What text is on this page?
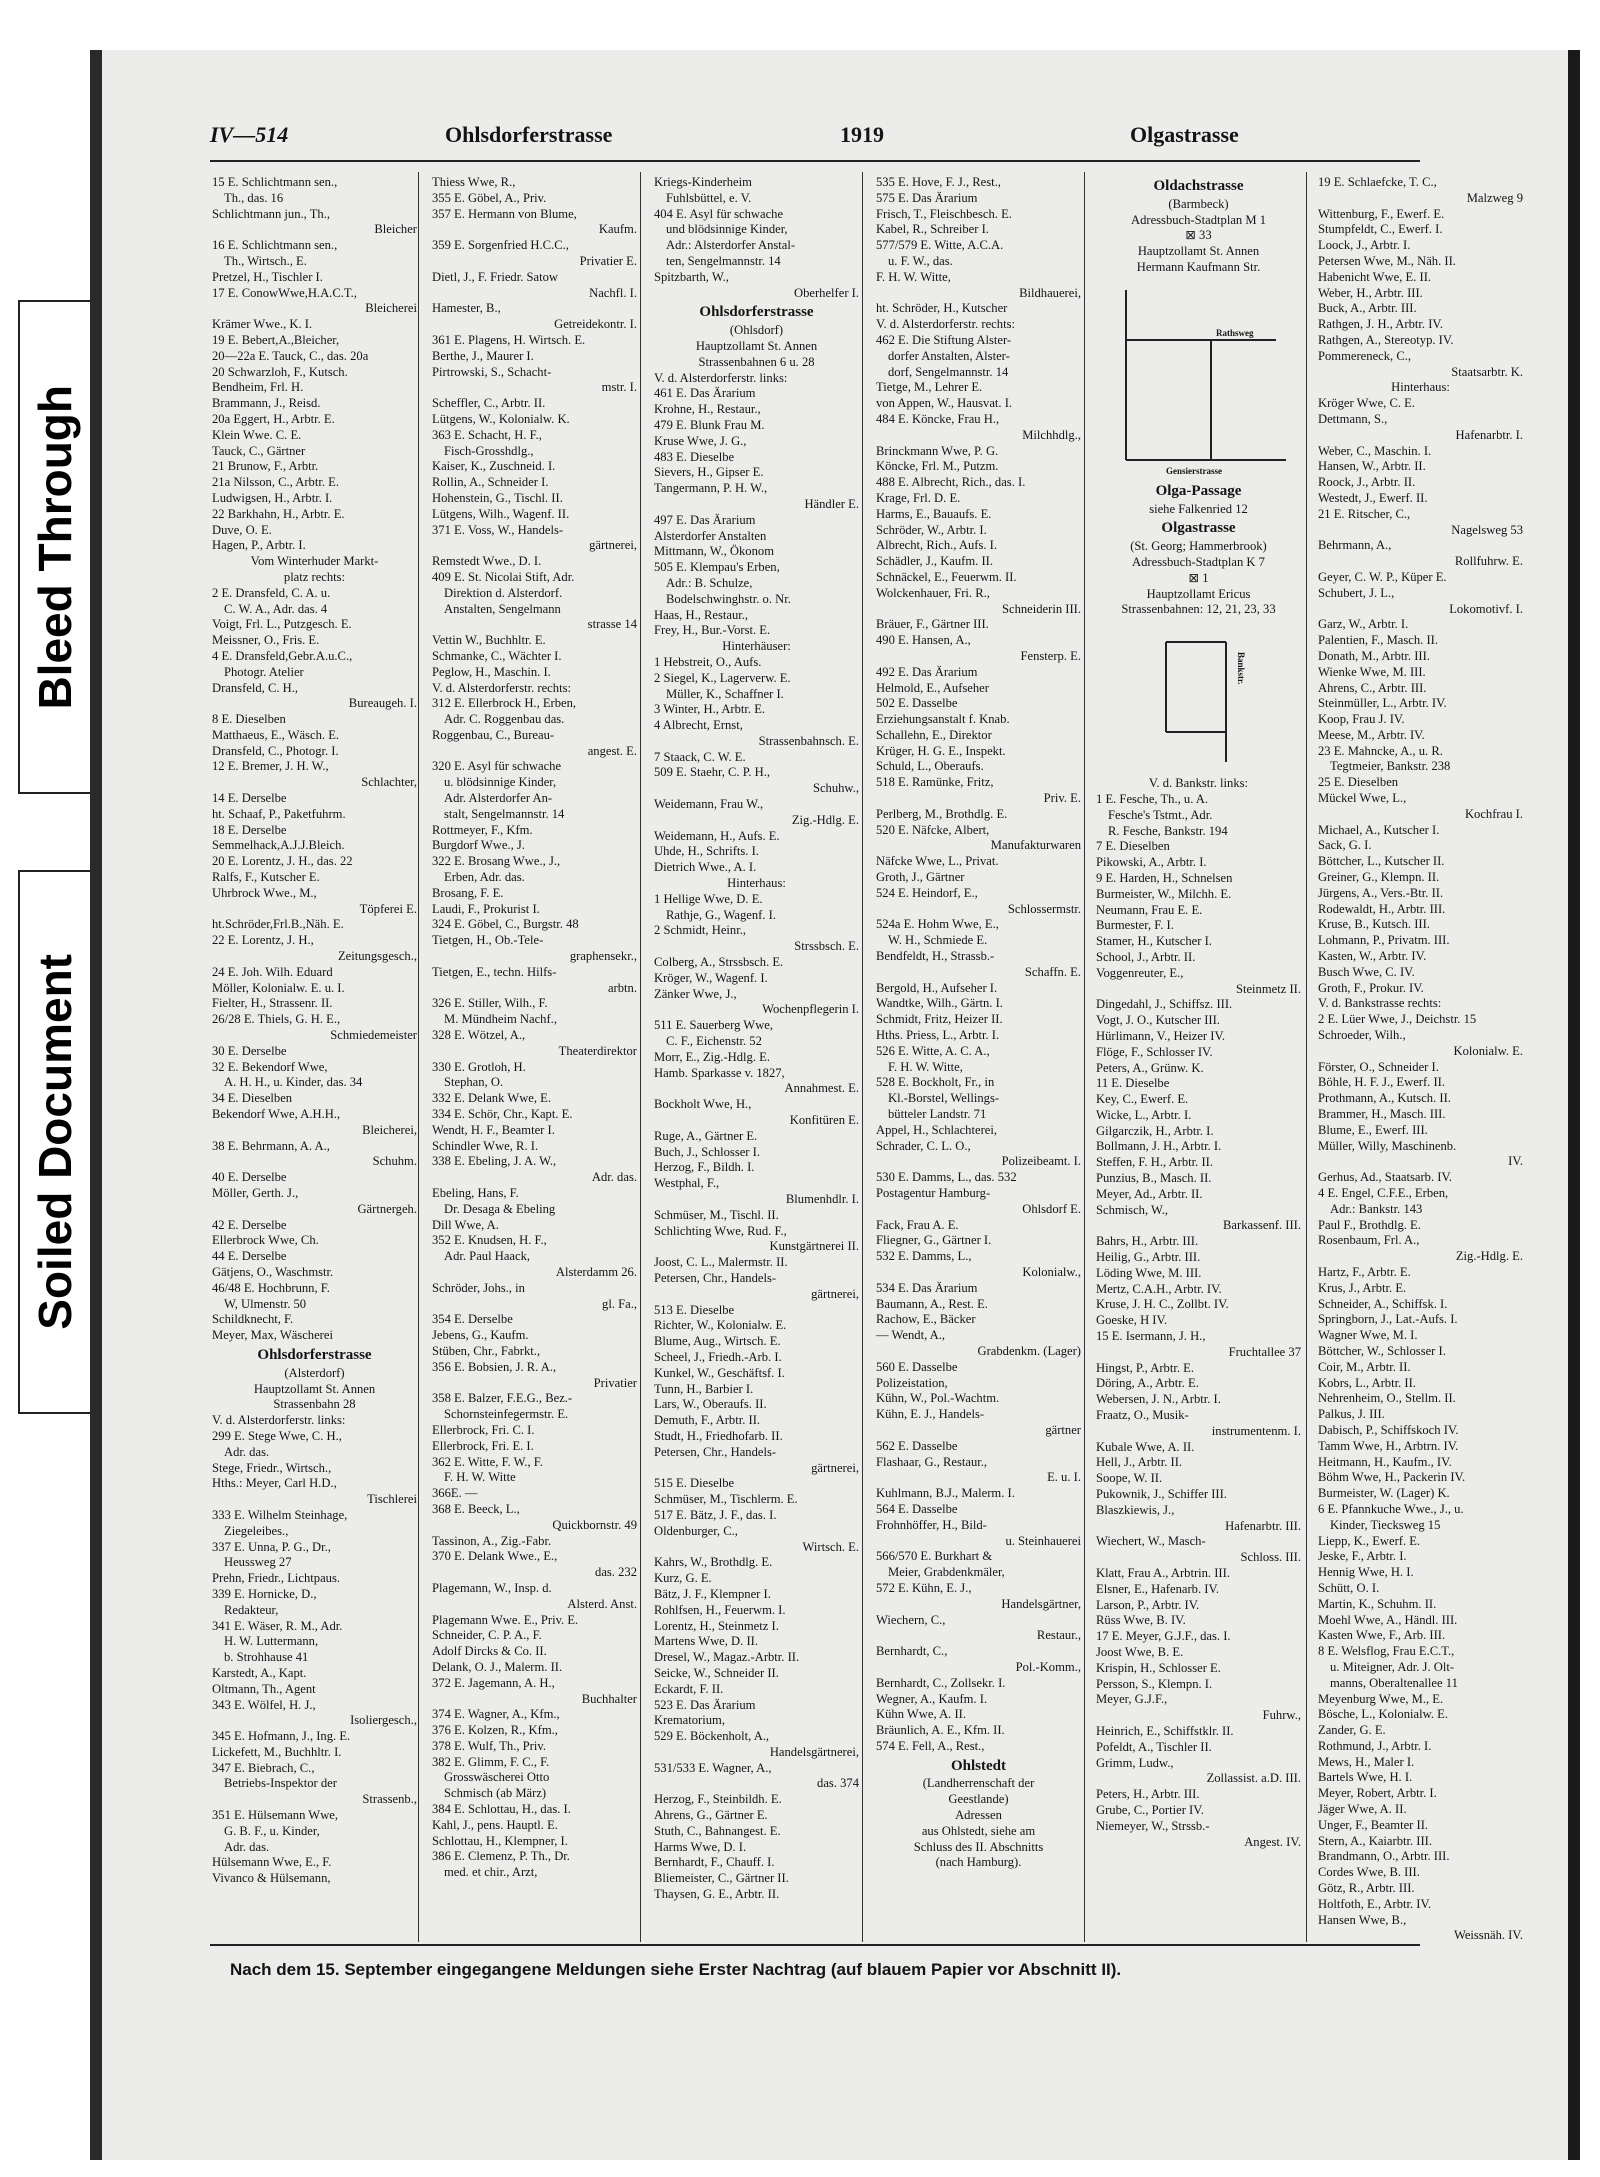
Bleed Through
Soiled Document
IV—514	Ohlsdorferstrasse	1919	Olgastrasse
15 E. Schlichtmann sen.,
Th., das. 16
Schlichtmann jun., Th.,
Bleicher
16 E. Schlichtmann sen.,
Th., Wirtsch., E.
Pretzel, H., Tischler I.
17 E. ConowWwe,H.A.C.T.,
Bleicherei
Krämer Wwe., K. I.
19 E. Bebert,A.,Bleicher,
20—22a E. Tauck, C., das. 20a
20 Schwarzloh, F., Kutsch.
Bendheim, Frl. H.
Brammann, J., Reisd.
20a Eggert, H., Arbtr. E.
Klein Wwe. C. E.
Tauck, C., Gärtner
21 Brunow, F., Arbtr.
21a Nilsson, C., Arbtr. E.
Ludwigsen, H., Arbtr. I.
22 Barkhahn, H., Arbtr. E.
Duve, O. E.
Hagen, P., Arbtr. I.
Vom Winterhuder Markt-
platz rechts:
2 E. Dransfeld, C. A. u.
C. W. A., Adr. das. 4
Voigt, Frl. L., Putzgesch. E.
Meissner, O., Fris. E.
4 E. Dransfeld,Gebr.A.u.C.,
Photogr. Atelier
Dransfeld, C. H.,
Bureaugeh. I.
8 E. Dieselben
Matthaeus, E., Wäsch. E.
Dransfeld, C., Photogr. I.
12 E. Bremer, J. H. W.,
Schlachter,
14 E. Derselbe
ht. Schaaf, P., Paketfuhrm.
18 E. Derselbe
Semmelhack,A.J.J.Bleich.
20 E. Lorentz, J. H., das. 22
Ralfs, F., Kutscher E.
Uhrbrock Wwe., M.,
Töpferei E.
ht.Schröder,Frl.B.,Näh. E.
22 E. Lorentz, J. H.,
Zeitungsgesch.,
24 E. Joh. Wilh. Eduard
Möller, Kolonialw. E. u. I.
Fielter, H., Strassenr. II.
26/28 E. Thiels, G. H. E.,
Schmiedemeister
30 E. Derselbe
32 E. Bekendorf Wwe,
A. H. H., u. Kinder, das. 34
34 E. Dieselben
Bekendorf Wwe, A.H.H.,
Bleicherei,
38 E. Behrmann, A. A.,
Schuhm.
40 E. Derselbe
Möller, Gerth. J.,
Gärtnergeh.
42 E. Derselbe
Ellerbrock Wwe, Ch.
44 E. Derselbe
Gätjens, O., Waschmstr.
46/48 E. Hochbrunn, F.
W, Ulmenstr. 50
Schildknecht, F.
Meyer, Max, Wäscherei
Ohlsdorferstrasse
(Alsterdorf)
Hauptzollamt St. Annen
Strassenbahn 28
V. d. Alsterdorferstr. links:
299 E. Stege Wwe, C. H.,
Adr. das.
Stege, Friedr., Wirtsch.,
Hths.: Meyer, Carl H.D.,
Tischlerei
333 E. Wilhelm Steinhage,
Ziegeleibes.,
337 E. Unna, P. G., Dr.,
Heussweg 27
Prehn, Friedr., Lichtpaus.
339 E. Hornicke, D.,
Redakteur,
341 E. Wäser, R. M., Adr.
H. W. Luttermann,
b. Strohhause 41
Karstedt, A., Kapt.
Oltmann, Th., Agent
343 E. Wölfel, H. J.,
Isoliergesch.,
345 E. Hofmann, J., Ing. E.
Lickefett, M., Buchhltr. I.
347 E. Biebrach, C.,
Betriebs-Inspektor der
Strassenb.,
351 E. Hülsemann Wwe,
G. B. F., u. Kinder,
Adr. das.
Hülsemann Wwe, E., F.
Vivanco & Hülsemann,
Thiess Wwe, R.,
355 E. Göbel, A., Priv.
357 E. Hermann von Blume,
Kaufm.
359 E. Sorgenfried H.C.C.,
Privatier E.
Dietl, J., F. Friedr. Satow
Nachfl. I.
Hamester, B.,
Getreidekontr. I.
361 E. Plagens, H. Wirtsch. E.
Berthe, J., Maurer I.
Pirtrowski, S., Schacht-
mstr. I.
Scheffler, C., Arbtr. II.
Lütgens, W., Kolonialw. K.
363 E. Schacht, H. F.,
Fisch-Grosshdlg.,
Kaiser, K., Zuschneid. I.
Rollin, A., Schneider I.
Hohenstein, G., Tischl. II.
Lütgens, Wilh., Wagenf. II.
371 E. Voss, W., Handels-
gärtnerei,
Remstedt Wwe., D. I.
409 E. St. Nicolai Stift, Adr.
Direktion d. Alsterdorf.
Anstalten, Sengelmann
strasse 14
Vettin W., Buchhltr. E.
Schmanke, C., Wächter I.
Peglow, H., Maschin. I.
V. d. Alsterdorferstr. rechts:
312 E. Ellerbrock H., Erben,
Adr. C. Roggenbau das.
Roggenbau, C., Bureau-
angest. E.
320 E. Asyl für schwache
u. blödsinnige Kinder,
Adr. Alsterdorfer An-
stalt, Sengelmannstr. 14
Rottmeyer, F., Kfm.
Burgdorf Wwe., J.
322 E. Brosang Wwe., J.,
Erben, Adr. das.
Brosang, F. E.
Laudi, F., Prokurist I.
324 E. Göbel, C., Burgstr. 48
Tietgen, H., Ob.-Tele-
graphensekr.,
Tietgen, E., techn. Hilfs-
arbtn.
326 E. Stiller, Wilh., F.
M. Mündheim Nachf.,
328 E. Wötzel, A.,
Theaterdirektor
330 E. Grotloh, H.
Stephan, O.
332 E. Delank Wwe, E.
334 E. Schör, Chr., Kapt. E.
Wendt, H. F., Beamter I.
Schindler Wwe, R. I.
338 E. Ebeling, J. A. W.,
Adr. das.
Ebeling, Hans, F.
Dr. Desaga & Ebeling
Dill Wwe, A.
352 E. Knudsen, H. F.,
Adr. Paul Haack,
Alsterdamm 26.
Schröder, Johs., in
gl. Fa.,
354 E. Derselbe
Jebens, G., Kaufm.
Stüben, Chr., Fabrkt.,
356 E. Bobsien, J. R. A.,
Privatier
358 E. Balzer, F.E.G., Bez.-
Schornsteinfegermstr. E.
Ellerbrock, Fri. C. I.
Ellerbrock, Fri. E. I.
362 E. Witte, F. W., F.
F. H. W. Witte
366E. —
368 E. Beeck, L.,
Quickbornstr. 49
Tassinon, A., Zig.-Fabr.
370 E. Delank Wwe., E.,
das. 232
Plagemann, W., Insp. d.
Alsterd. Anst.
Plagemann Wwe. E., Priv. E.
Schneider, C. P. A., F.
Adolf Dircks & Co. II.
Delank, O. J., Malerm. II.
372 E. Jagemann, A. H.,
Buchhalter
374 E. Wagner, A., Kfm.,
376 E. Kolzen, R., Kfm.,
378 E. Wulf, Th., Priv.
382 E. Glimm, F. C., F.
Grosswäscherei Otto
Schmisch (ab März)
384 E. Schlottau, H., das. I.
Kahl, J., pens. Hauptl. E.
Schlottau, H., Klempner, I.
386 E. Clemenz, P. Th., Dr.
med. et chir., Arzt,
Kriegs-Kinderheim
Fuhlsbüttel, e. V.
404 E. Asyl für schwache
und blödsinnige Kinder,
Adr.: Alsterdorfer Anstal-
ten, Sengelmannstr. 14
Spitzbarth, W.,
Oberhelfer I.
Ohlsdorferstrasse
(Ohlsdorf)
Hauptzollamt St. Annen
Strassenbahnen 6 u. 28
V. d. Alsterdorferstr. links:
461 E. Das Ärarium
Krohne, H., Restaur.,
479 E. Blunk Frau M.
Kruse Wwe, J. G.,
483 E. Dieselbe
Sievers, H., Gipser E.
Tangermann, P. H. W.,
Händler E.
497 E. Das Ärarium
Alsterdorfer Anstalten
Mittmann, W., Ökonom
505 E. Klempau's Erben,
Adr.: B. Schulze,
Bodelschwinghstr. o. Nr.
Haas, H., Restaur.,
Frey, H., Bur.-Vorst. E.
Hinterhäuser:
1 Hebstreit, O., Aufs.
2 Siegel, K., Lagerverw. E.
Müller, K., Schaffner I.
3 Winter, H., Arbtr. E.
4 Albrecht, Ernst,
Strassenbahnsch. E.
7 Staack, C. W. E.
509 E. Staehr, C. P. H.,
Schuhw.,
Weidemann, Frau W.,
Zig.-Hdlg. E.
Weidemann, H., Aufs. E.
Uhde, H., Schrifts. I.
Dietrich Wwe., A. I.
Hinterhaus:
1 Hellige Wwe, D. E.
Rathje, G., Wagenf. I.
2 Schmidt, Heinr.,
Strssbsch. E.
Colberg, A., Strssbsch. E.
Kröger, W., Wagenf. I.
Zänker Wwe, J.,
Wochenpflegerin I.
511 E. Sauerberg Wwe,
C. F., Eichenstr. 52
Morr, E., Zig.-Hdlg. E.
Hamb. Sparkasse v. 1827,
Annahmest. E.
Bockholt Wwe, H.,
Konfitüren E.
Ruge, A., Gärtner E.
Buch, J., Schlosser I.
Herzog, F., Bildh. I.
Westphal, F.,
Blumenhdlr. I.
Schmüser, M., Tischl. II.
Schlichting Wwe, Rud. F.,
Kunstgärtnerei II.
Joost, C. L., Malermstr. II.
Petersen, Chr., Handels-
gärtnerei,
513 E. Dieselbe
Richter, W., Kolonialw. E.
Blume, Aug., Wirtsch. E.
Scheel, J., Friedh.-Arb. I.
Kunkel, W., Geschäftsf. I.
Tunn, H., Barbier I.
Lars, W., Oberaufs. II.
Demuth, F., Arbtr. II.
Studt, H., Friedhofarb. II.
Petersen, Chr., Handels-
gärtnerei,
515 E. Dieselbe
Schmüser, M., Tischlerm. E.
517 E. Bätz, J. F., das. I.
Oldenburger, C.,
Wirtsch. E.
Kahrs, W., Brothdlg. E.
Kurz, G. E.
Bätz, J. F., Klempner I.
Rohlfsen, H., Feuerwm. I.
Lorentz, H., Steinmetz I.
Martens Wwe, D. II.
Dresel, W., Magaz.-Arbtr. II.
Seicke, W., Schneider II.
Eckardt, F. II.
523 E. Das Ärarium
Krematorium,
529 E. Böckenholt, A.,
Handelsgärtnerei,
531/533 E. Wagner, A.,
das. 374
Herzog, F., Steinbildh. E.
Ahrens, G., Gärtner E.
Stuth, C., Bahnangest. E.
Harms Wwe, D. I.
Bernhardt, F., Chauff. I.
Bliemeister, C., Gärtner II.
Thaysen, G. E., Arbtr. II.
535 E. Hove, F. J., Rest.,
575 E. Das Ärarium
Frisch, T., Fleischbesch. E.
Kabel, R., Schreiber I.
577/579 E. Witte, A.C.A.
u. F. W., das.
F. H. W. Witte,
Bildhauerei,
ht. Schröder, H., Kutscher
V. d. Alsterdorferstr. rechts:
462 E. Die Stiftung Alster-
dorfer Anstalten, Alster-
dorf, Sengelmannstr. 14
Tietge, M., Lehrer E.
von Appen, W., Hausvat. I.
484 E. Köncke, Frau H.,
Milchhdlg.,
Brinckmann Wwe, P. G.
Köncke, Frl. M., Putzm.
488 E. Albrecht, Rich., das. I.
Krage, Frl. D. E.
Harms, E., Bauaufs. E.
Schröder, W., Arbtr. I.
Albrecht, Rich., Aufs. I.
Schädler, J., Kaufm. II.
Schnäckel, E., Feuerwm. II.
Wolckenhauer, Fri. R.,
Schneiderin III.
Bräuer, F., Gärtner III.
490 E. Hansen, A.,
Fensterp. E.
492 E. Das Ärarium
Helmold, E., Aufseher
502 E. Dasselbe
Erziehungsanstalt f. Knab.
Schallehn, E., Direktor
Krüger, H. G. E., Inspekt.
Schuld, L., Oberaufs.
518 E. Ramünke, Fritz,
Priv. E.
Perlberg, M., Brothdlg. E.
520 E. Näfcke, Albert,
Manufakturwaren
Näfcke Wwe, L., Privat.
Groth, J., Gärtner
524 E. Heindorf, E.,
Schlossermstr.
524a E. Hohm Wwe, E.,
W. H., Schmiede E.
Bendfeldt, H., Strassb.-
Schaffn. E.
Bergold, H., Aufseher I.
Wandtke, Wilh., Gärtn. I.
Schmidt, Fritz, Heizer II.
Hths. Priess, L., Arbtr. I.
526 E. Witte, A. C. A.,
F. H. W. Witte,
528 E. Bockholt, Fr., in
Kl.-Borstel, Wellings-
bütteler Landstr. 71
Appel, H., Schlachterei,
Schrader, C. L. O.,
Polizeibeamt. I.
530 E. Damms, L., das. 532
Postagentur Hamburg-
Ohlsdorf E.
Fack, Frau A. E.
Fliegner, G., Gärtner I.
532 E. Damms, L.,
Kolonialw.,
534 E. Das Ärarium
Baumann, A., Rest. E.
Rachow, E., Bäcker
— Wendt, A.,
Grabdenkm. (Lager)
560 E. Dasselbe
Polizeistation,
Kühn, W., Pol.-Wachtm.
Kühn, E. J., Handels-
gärtner
562 E. Dasselbe
Flashaar, G., Restaur.,
E. u. I.
Kuhlmann, B.J., Malerm. I.
564 E. Dasselbe
Frohnhöffer, H., Bild-
u. Steinhauerei
566/570 E. Burkhart &
Meier, Grabdenkmäler,
572 E. Kühn, E. J.,
Handelsgärtner,
Wiechern, C.,
Restaur.,
Bernhardt, C.,
Pol.-Komm.,
Bernhardt, C., Zollsekr. I.
Wegner, A., Kaufm. I.
Kühn Wwe, A. II.
Bräunlich, A. E., Kfm. II.
574 E. Fell, A., Rest.,
Ohlstedt
(Landherrenschaft der
Geestlande)
Adressen
aus Ohlstedt, siehe am
Schluss des II. Abschnitts
(nach Hamburg).
Oldachstrasse
(Barmbeck)
Adressbuch-Stadtplan M 1
⊠ 33
Hauptzollamt St. Annen
Hermann Kaufmann Str.
Rathsweg
Gensierstrasse
Olga-Passage
siehe Falkenried 12
Olgastrasse
(St. Georg; Hammerbrook)
Adressbuch-Stadtplan K 7
⊠ 1
Hauptzollamt Ericus
Strassenbahnen: 12, 21, 23, 33
Bankstr.
V. d. Bankstr. links:
1 E. Fesche, Th., u. A.
Fesche's Tstmt., Adr.
R. Fesche, Bankstr. 194
7 E. Dieselben
Pikowski, A., Arbtr. I.
9 E. Harden, H., Schnelsen
Burmeister, W., Milchh. E.
Neumann, Frau E. E.
Burmester, F. I.
Stamer, H., Kutscher I.
School, J., Arbtr. II.
Voggenreuter, E.,
Steinmetz II.
Dingedahl, J., Schiffsz. III.
Vogt, J. O., Kutscher III.
Hürlimann, V., Heizer IV.
Flöge, F., Schlosser IV.
Peters, A., Grünw. K.
11 E. Dieselbe
Key, C., Ewerf. E.
Wicke, L., Arbtr. I.
Gilgarczik, H., Arbtr. I.
Bollmann, J. H., Arbtr. I.
Steffen, F. H., Arbtr. II.
Punzius, B., Masch. II.
Meyer, Ad., Arbtr. II.
Schmisch, W.,
Barkassenf. III.
Bahrs, H., Arbtr. III.
Heilig, G., Arbtr. III.
Löding Wwe, M. III.
Mertz, C.A.H., Arbtr. IV.
Kruse, J. H. C., Zollbt. IV.
Goeske, H IV.
15 E. Isermann, J. H.,
Fruchtallee 37
Hingst, P., Arbtr. E.
Döring, A., Arbtr. E.
Webersen, J. N., Arbtr. I.
Fraatz, O., Musik-
instrumentenm. I.
Kubale Wwe, A. II.
Hell, J., Arbtr. II.
Soope, W. II.
Pukownik, J., Schiffer III.
Blaszkiewis, J.,
Hafenarbtr. III.
Wiechert, W., Masch-
Schloss. III.
Klatt, Frau A., Arbtrin. III.
Elsner, E., Hafenarb. IV.
Larson, P., Arbtr. IV.
Rüss Wwe, B. IV.
17 E. Meyer, G.J.F., das. I.
Joost Wwe, B. E.
Krispin, H., Schlosser E.
Persson, S., Klempn. I.
Meyer, G.J.F.,
Fuhrw.,
Heinrich, E., Schiffstklr. II.
Pofeldt, A., Tischler II.
Grimm, Ludw.,
Zollassist. a.D. III.
Peters, H., Arbtr. III.
Grube, C., Portier IV.
Niemeyer, W., Strssb.-
Angest. IV.
19 E. Schlaefcke, T. C.,
Malzweg 9
Wittenburg, F., Ewerf. E.
Stumpfeldt, C., Ewerf. I.
Loock, J., Arbtr. I.
Petersen Wwe, M., Näh. II.
Habenicht Wwe, E. II.
Weber, H., Arbtr. III.
Buck, A., Arbtr. III.
Rathgen, J. H., Arbtr. IV.
Rathgen, A., Stereotyp. IV.
Pommereneck, C.,
Staatsarbtr. K.
Hinterhaus:
Kröger Wwe, C. E.
Dettmann, S.,
Hafenarbtr. I.
Weber, C., Maschin. I.
Hansen, W., Arbtr. II.
Roock, J., Arbtr. II.
Westedt, J., Ewerf. II.
21 E. Ritscher, C.,
Nagelsweg 53
Behrmann, A.,
Rollfuhrw. E.
Geyer, C. W. P., Küper E.
Schubert, J. L.,
Lokomotivf. I.
Garz, W., Arbtr. I.
Palentien, F., Masch. II.
Donath, M., Arbtr. III.
Wienke Wwe, M. III.
Ahrens, C., Arbtr. III.
Steinmüller, L., Arbtr. IV.
Koop, Frau J. IV.
Meese, M., Arbtr. IV.
23 E. Mahncke, A., u. R.
Tegtmeier, Bankstr. 238
25 E. Dieselben
Mückel Wwe, L.,
Kochfrau I.
Michael, A., Kutscher I.
Sack, G. I.
Böttcher, L., Kutscher II.
Greiner, G., Klempn. II.
Jürgens, A., Vers.-Btr. II.
Rodewaldt, H., Arbtr. III.
Kruse, B., Kutsch. III.
Lohmann, P., Privatm. III.
Kasten, W., Arbtr. IV.
Busch Wwe, C. IV.
Groth, F., Prokur. IV.
V. d. Bankstrasse rechts:
2 E. Lüer Wwe, J., Deichstr. 15
Schroeder, Wilh.,
Kolonialw. E.
Förster, O., Schneider I.
Böhle, H. F. J., Ewerf. II.
Prothmann, A., Kutsch. II.
Brammer, H., Masch. III.
Blume, E., Ewerf. III.
Müller, Willy, Maschinenb.
IV.
Gerhus, Ad., Staatsarb. IV.
4 E. Engel, C.F.E., Erben,
Adr.: Bankstr. 143
Paul F., Brothdlg. E.
Rosenbaum, Frl. A.,
Zig.-Hdlg. E.
Hartz, F., Arbtr. E.
Krus, J., Arbtr. E.
Schneider, A., Schiffsk. I.
Springborn, J., Lat.-Aufs. I.
Wagner Wwe, M. I.
Böttcher, W., Schlosser I.
Coir, M., Arbtr. II.
Kobrs, L., Arbtr. II.
Nehrenheim, O., Stellm. II.
Palkus, J. III.
Dabisch, P., Schiffskoch IV.
Tamm Wwe, H., Arbtrn. IV.
Heitmann, H., Kaufm., IV.
Böhm Wwe, H., Packerin IV.
Burmeister, W. (Lager) K.
6 E. Pfannkuche Wwe., J., u.
Kinder, Tiecksweg 15
Liepp, K., Ewerf. E.
Jeske, F., Arbtr. I.
Hennig Wwe, H. I.
Schütt, O. I.
Martin, K., Schuhm. II.
Moehl Wwe, A., Händl. III.
Kasten Wwe, F., Arb. III.
8 E. Welsflog, Frau E.C.T.,
u. Miteigner, Adr. J. Olt-
manns, Oberaltenallee 11
Meyenburg Wwe, M., E.
Bösche, L., Kolonialw. E.
Zander, G. E.
Rothmund, J., Arbtr. I.
Mews, H., Maler I.
Bartels Wwe, H. I.
Meyer, Robert, Arbtr. I.
Jäger Wwe, A. II.
Unger, F., Beamter II.
Stern, A., Kaiarbtr. III.
Brandmann, O., Arbtr. III.
Cordes Wwe, B. III.
Götz, R., Arbtr. III.
Holtfoth, E., Arbtr. IV.
Hansen Wwe, B.,
Weissnäh. IV.
Nach dem 15. September eingegangene Meldungen siehe Erster Nachtrag (auf blauem Papier vor Abschnitt II).
